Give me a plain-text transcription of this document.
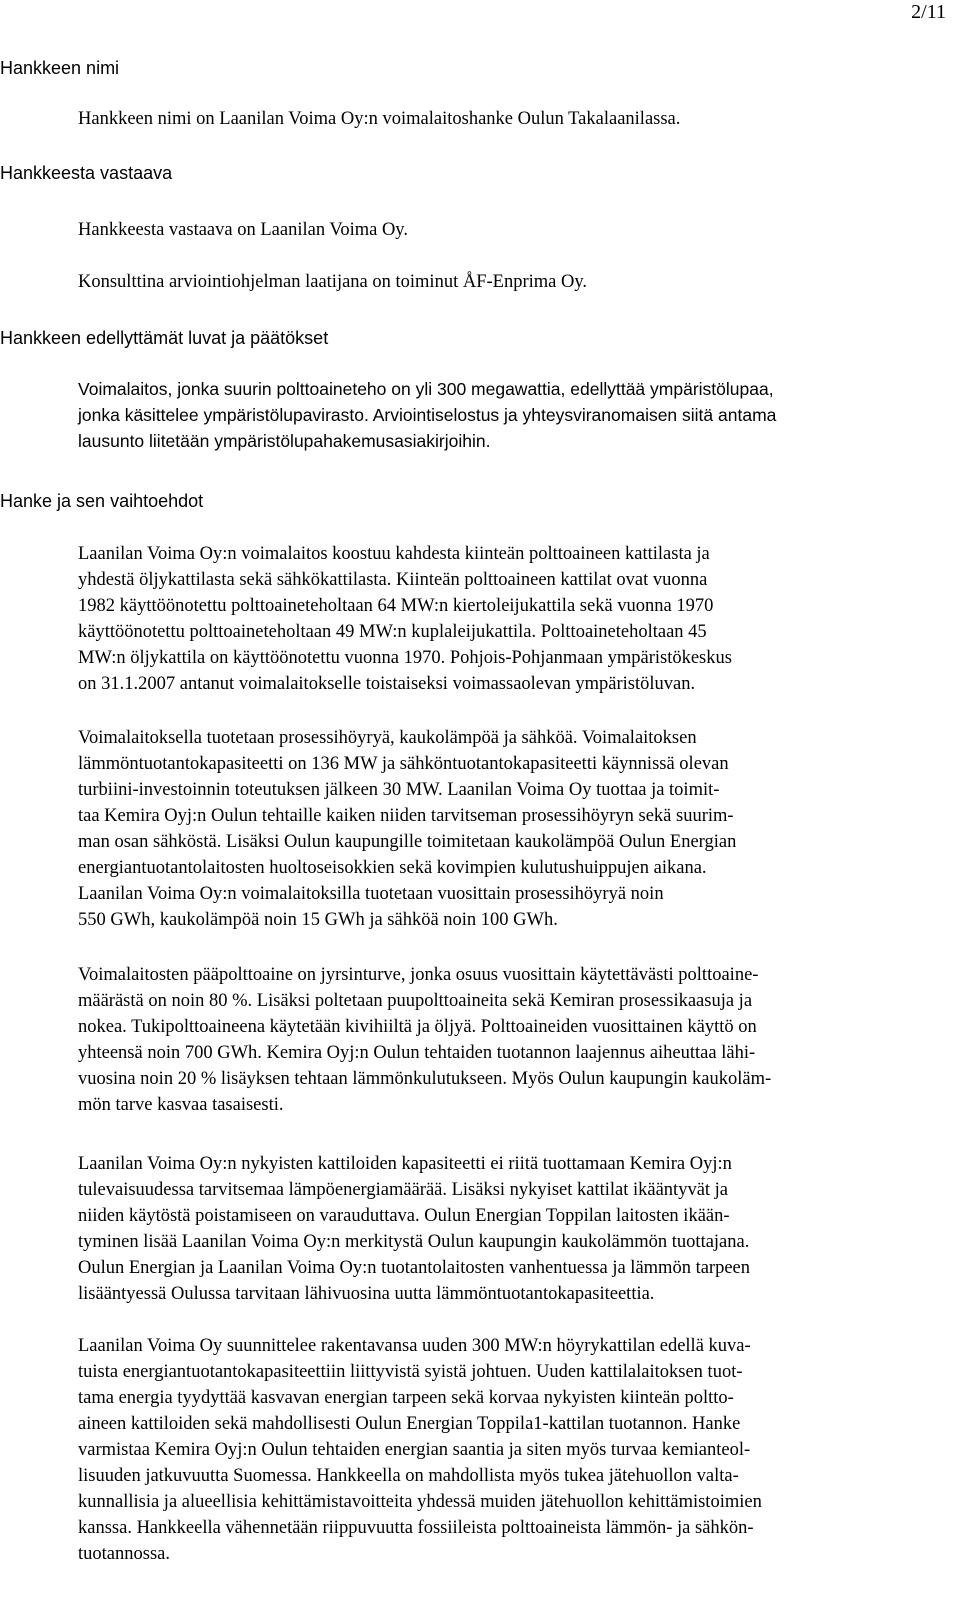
2/11
Hankkeen nimi

Hankkeen nimi on Laanilan Voima Oy:n voimalaitoshanke Oulun Takalaanilassa.

Hankkeesta vastaava

Hankkeesta vastaava on Laanilan Voima Oy.

Konsulttina arviointiohjelman laatijana on toiminut ÅF-Enprima Oy.

Hankkeen edellyttämät luvat ja päätökset

Voimalaitos, jonka suurin polttoaineteho on yli 300 megawattia, edellyttää ympäristölupaa,
jonka käsittelee ympäristölupavirasto. Arviointiselostus ja yhteysviranomaisen siitä antama
lausunto liitetään ympäristölupahakemusasiakirjoihin.

Hanke ja sen vaihtoehdot

Laanilan Voima Oy:n voimalaitos koostuu kahdesta kiinteän polttoaineen kattilasta ja
yhdestä öljykattilasta sekä sähkökattilasta. Kiinteän polttoaineen kattilat ovat vuonna
1982 käyttöönotettu polttoaineteholtaan 64 MW:n kiertoleijukattila sekä vuonna 1970
käyttöönotettu polttoaineteholtaan 49 MW:n kuplaleijukattila. Polttoaineteholtaan 45
MW:n öljykattila on käyttöönotettu vuonna 1970. Pohjois-Pohjanmaan ympäristökeskus
on 31.1.2007 antanut voimalaitokselle toistaiseksi voimassaolevan ympäristöluvan.

Voimalaitoksella tuotetaan prosessihöyryä, kaukolämpöä ja sähköä. Voimalaitoksen
lämmöntuotantokapasiteetti on 136 MW ja sähköntuotantokapasiteetti käynnissä olevan
turbiini-investoinnin toteutuksen jälkeen 30 MW. Laanilan Voima Oy tuottaa ja toimit-
taa Kemira Oyj:n Oulun tehtaille kaiken niiden tarvitseman prosessihöyryn sekä suurim-
man osan sähköstä. Lisäksi Oulun kaupungille toimitetaan kaukolämpöä Oulun Energian
energiantuotantolaitosten huoltoseisokkien sekä kovimpien kulutushuippujen aikana.
Laanilan Voima Oy:n voimalaitoksilla tuotetaan vuosittain prosessihöyryä noin
550 GWh, kaukolämpöä noin 15 GWh ja sähköä noin 100 GWh.

Voimalaitosten pääpolttoaine on jyrsinturve, jonka osuus vuosittain käytettävästi polttoaine-
määrästä on noin 80 %. Lisäksi poltetaan puupolttoaineita sekä Kemiran prosessikaasuja ja
nokea. Tukipolttoaineena käytetään kivihiiltä ja öljyä. Polttoaineiden vuosittainen käyttö on
yhteensä noin 700 GWh. Kemira Oyj:n Oulun tehtaiden tuotannon laajennus aiheuttaa lähi-
vuosina noin 20 % lisäyksen tehtaan lämmönkulutukseen. Myös Oulun kaupungin kaukoläm-
mön tarve kasvaa tasaisesti.

Laanilan Voima Oy:n nykyisten kattiloiden kapasiteetti ei riitä tuottamaan Kemira Oyj:n
tulevaisuudessa tarvitsemaa lämpöenergiamäärää. Lisäksi nykyiset kattilat ikääntyvät ja
niiden käytöstä poistamiseen on varauduttava. Oulun Energian Toppilan laitosten ikään-
tyminen lisää Laanilan Voima Oy:n merkitystä Oulun kaupungin kaukolämmön tuottajana.
Oulun Energian ja Laanilan Voima Oy:n tuotantolaitosten vanhentuessa ja lämmön tarpeen
lisääntyessä Oulussa tarvitaan lähivuosina uutta lämmöntuotantokapasiteettia.

Laanilan Voima Oy suunnittelee rakentavansa uuden 300 MW:n höyrykattilan edellä kuva-
tuista energiantuotantokapasiteettiin liittyvistä syistä johtuen. Uuden kattilalaitoksen tuot-
tama energia tyydyttää kasvavan energian tarpeen sekä korvaa nykyisten kiinteän poltto-
aineen kattiloiden sekä mahdollisesti Oulun Energian Toppila1-kattilan tuotannon. Hanke
varmistaa Kemira Oyj:n Oulun tehtaiden energian saantia ja siten myös turvaa kemianteol-
lisuuden jatkuvuutta Suomessa. Hankkeella on mahdollista myös tukea jätehuollon valta-
kunnallisia ja alueellisia kehittämistavoitteita yhdessä muiden jätehuollon kehittämistoimien
kanssa. Hankkeella vähennetään riippuvuutta fossiileista polttoaineista lämmön- ja sähkön-
tuotannossa.
